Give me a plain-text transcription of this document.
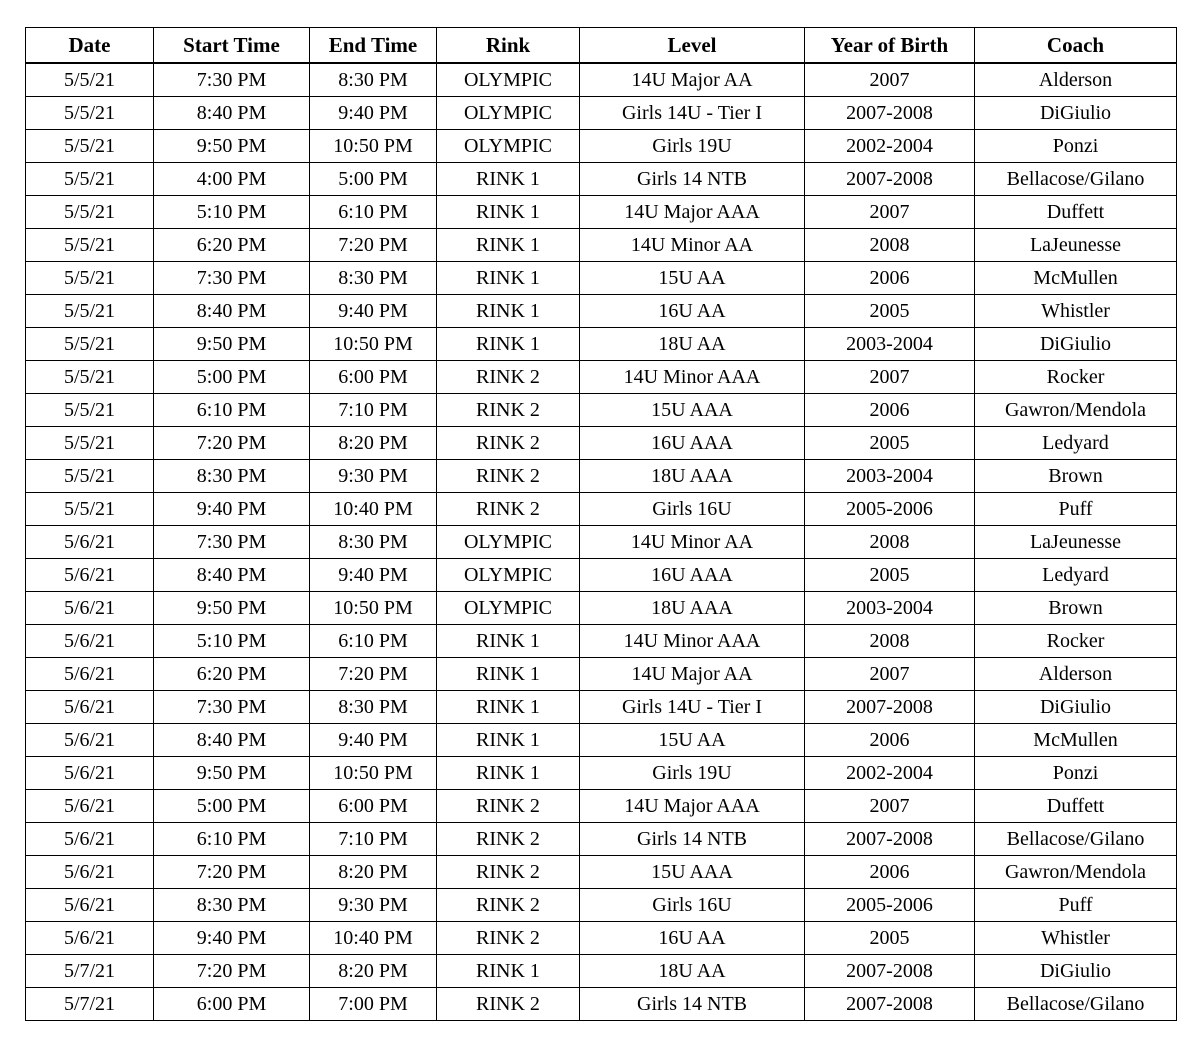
Date	Start Time	End Time	Rink	Level	Year of Birth	Coach
5/5/21	7:30 PM	8:30 PM	OLYMPIC	14U Major AA	2007	Alderson
5/5/21	8:40 PM	9:40 PM	OLYMPIC	Girls 14U - Tier I	2007-2008	DiGiulio
5/5/21	9:50 PM	10:50 PM	OLYMPIC	Girls 19U	2002-2004	Ponzi
5/5/21	4:00 PM	5:00 PM	RINK 1	Girls 14 NTB	2007-2008	Bellacose/Gilano
5/5/21	5:10 PM	6:10 PM	RINK 1	14U Major AAA	2007	Duffett
5/5/21	6:20 PM	7:20 PM	RINK 1	14U Minor AA	2008	LaJeunesse
5/5/21	7:30 PM	8:30 PM	RINK 1	15U AA	2006	McMullen
5/5/21	8:40 PM	9:40 PM	RINK 1	16U AA	2005	Whistler
5/5/21	9:50 PM	10:50 PM	RINK 1	18U AA	2003-2004	DiGiulio
5/5/21	5:00 PM	6:00 PM	RINK 2	14U Minor AAA	2007	Rocker
5/5/21	6:10 PM	7:10 PM	RINK 2	15U AAA	2006	Gawron/Mendola
5/5/21	7:20 PM	8:20 PM	RINK 2	16U AAA	2005	Ledyard
5/5/21	8:30 PM	9:30 PM	RINK 2	18U AAA	2003-2004	Brown
5/5/21	9:40 PM	10:40 PM	RINK 2	Girls 16U	2005-2006	Puff
5/6/21	7:30 PM	8:30 PM	OLYMPIC	14U Minor AA	2008	LaJeunesse
5/6/21	8:40 PM	9:40 PM	OLYMPIC	16U AAA	2005	Ledyard
5/6/21	9:50 PM	10:50 PM	OLYMPIC	18U AAA	2003-2004	Brown
5/6/21	5:10 PM	6:10 PM	RINK 1	14U Minor AAA	2008	Rocker
5/6/21	6:20 PM	7:20 PM	RINK 1	14U Major AA	2007	Alderson
5/6/21	7:30 PM	8:30 PM	RINK 1	Girls 14U - Tier I	2007-2008	DiGiulio
5/6/21	8:40 PM	9:40 PM	RINK 1	15U AA	2006	McMullen
5/6/21	9:50 PM	10:50 PM	RINK 1	Girls 19U	2002-2004	Ponzi
5/6/21	5:00 PM	6:00 PM	RINK 2	14U Major AAA	2007	Duffett
5/6/21	6:10 PM	7:10 PM	RINK 2	Girls 14 NTB	2007-2008	Bellacose/Gilano
5/6/21	7:20 PM	8:20 PM	RINK 2	15U AAA	2006	Gawron/Mendola
5/6/21	8:30 PM	9:30 PM	RINK 2	Girls 16U	2005-2006	Puff
5/6/21	9:40 PM	10:40 PM	RINK 2	16U AA	2005	Whistler
5/7/21	7:20 PM	8:20 PM	RINK 1	18U AA	2007-2008	DiGiulio
5/7/21	6:00 PM	7:00 PM	RINK 2	Girls 14 NTB	2007-2008	Bellacose/Gilano
